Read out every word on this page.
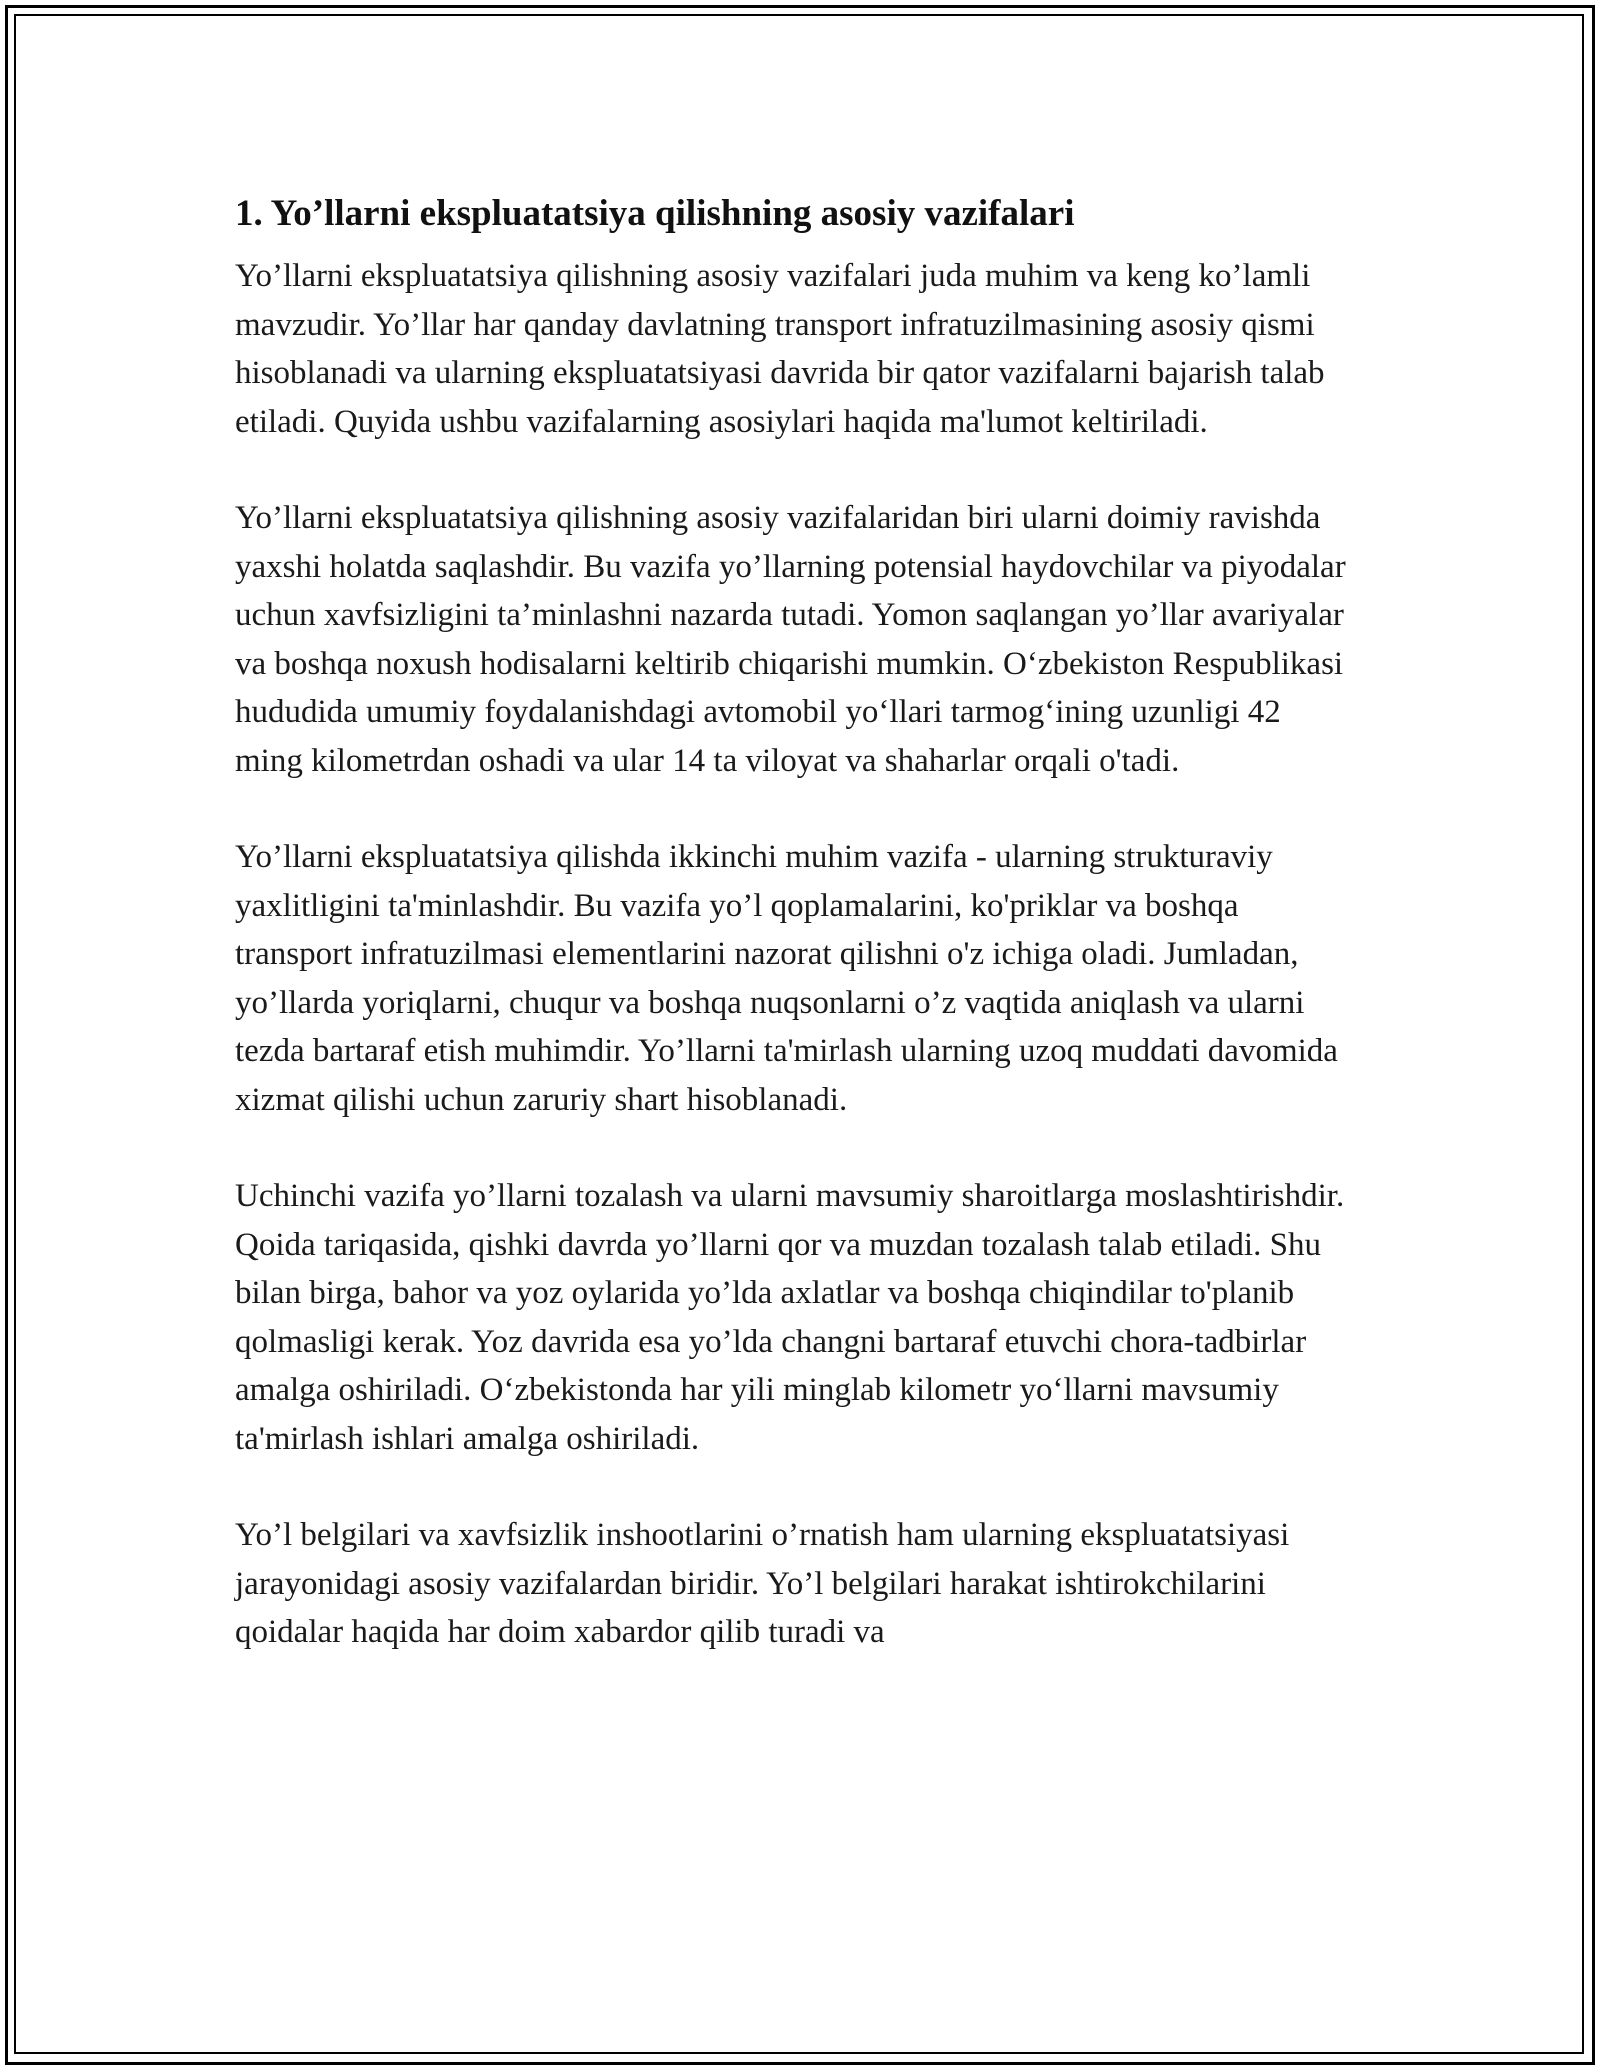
1. Yo’llarni ekspluatatsiya qilishning asosiy vazifalari

Yo’llarni ekspluatatsiya qilishning asosiy vazifalari juda muhim va keng ko’lamli mavzudir. Yo’llar har qanday davlatning transport infratuzilmasining asosiy qismi hisoblanadi va ularning ekspluatatsiyasi davrida bir qator vazifalarni bajarish talab etiladi. Quyida ushbu vazifalarning asosiylari haqida ma'lumot keltiriladi.

Yo’llarni ekspluatatsiya qilishning asosiy vazifalaridan biri ularni doimiy ravishda yaxshi holatda saqlashdir. Bu vazifa yo’llarning potensial haydovchilar va piyodalar uchun xavfsizligini ta’minlashni nazarda tutadi. Yomon saqlangan yo’llar avariyalar va boshqa noxush hodisalarni keltirib chiqarishi mumkin. O‘zbekiston Respublikasi hududida umumiy foydalanishdagi avtomobil yo‘llari tarmog‘ining uzunligi 42 ming kilometrdan oshadi va ular 14 ta viloyat va shaharlar orqali o'tadi.

Yo’llarni ekspluatatsiya qilishda ikkinchi muhim vazifa - ularning strukturaviy yaxlitligini ta'minlashdir. Bu vazifa yo’l qoplamalarini, ko'priklar va boshqa transport infratuzilmasi elementlarini nazorat qilishni o'z ichiga oladi. Jumladan, yo’llarda yoriqlarni, chuqur va boshqa nuqsonlarni o’z vaqtida aniqlash va ularni tezda bartaraf etish muhimdir. Yo’llarni ta'mirlash ularning uzoq muddati davomida xizmat qilishi uchun zaruriy shart hisoblanadi.

Uchinchi vazifa yo’llarni tozalash va ularni mavsumiy sharoitlarga moslashtirishdir. Qoida tariqasida, qishki davrda yo’llarni qor va muzdan tozalash talab etiladi. Shu bilan birga, bahor va yoz oylarida yo’lda axlatlar va boshqa chiqindilar to'planib qolmasligi kerak. Yoz davrida esa yo’lda changni bartaraf etuvchi chora-tadbirlar amalga oshiriladi. O‘zbekistonda har yili minglab kilometr yo‘llarni mavsumiy ta'mirlash ishlari amalga oshiriladi.

Yo’l belgilari va xavfsizlik inshootlarini o’rnatish ham ularning ekspluatatsiyasi jarayonidagi asosiy vazifalardan biridir. Yo’l belgilari harakat ishtirokchilarini qoidalar haqida har doim xabardor qilib turadi va
